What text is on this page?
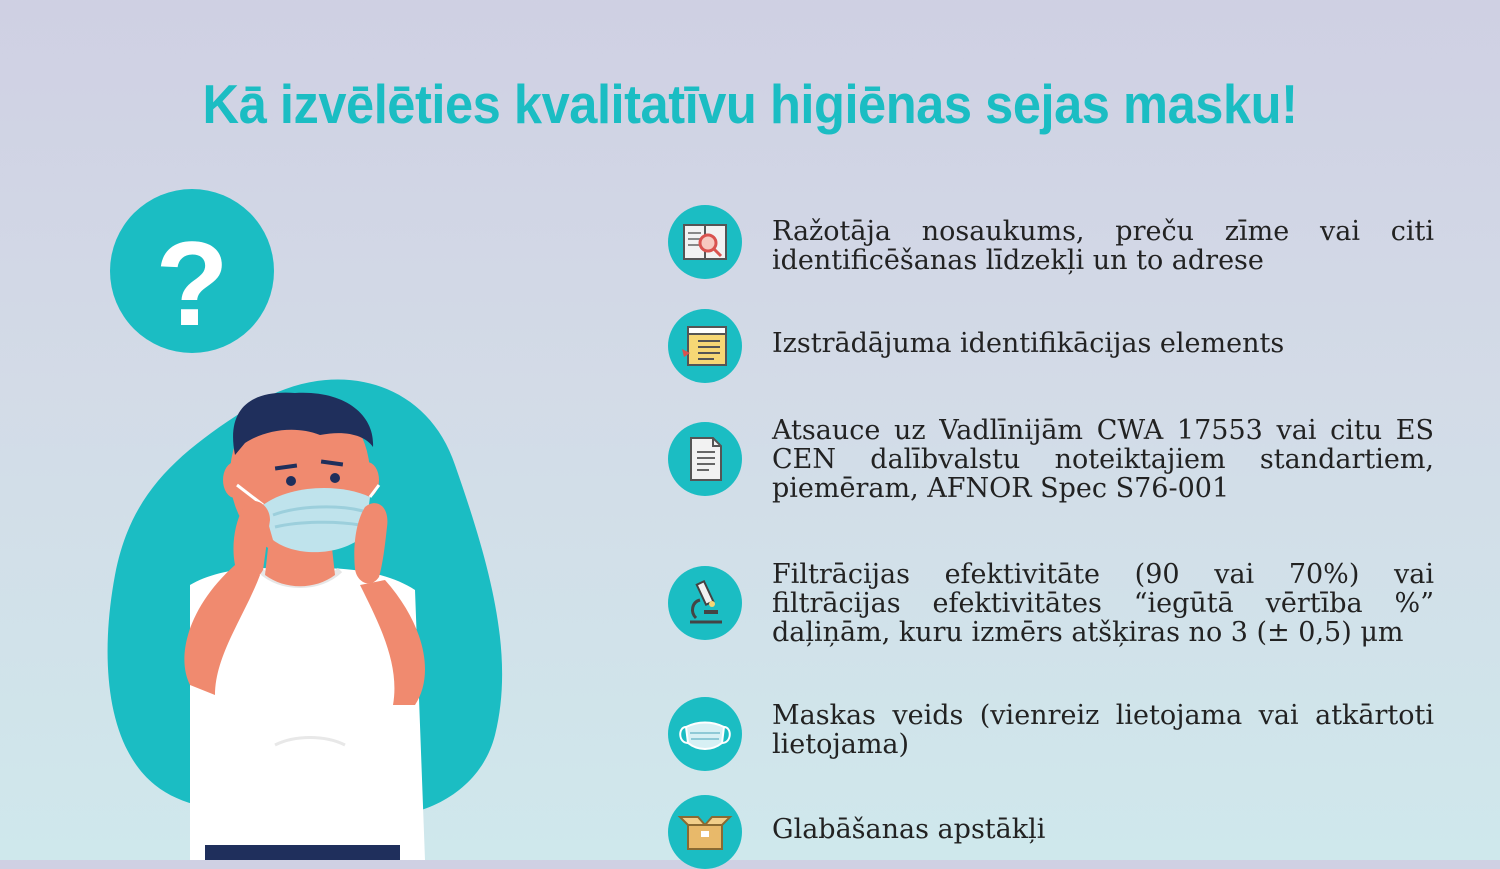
Kā izvēlēties kvalitatīvu higiēnas sejas masku!
?	Ražotāja nosaukums, preču zīme vai citi identificēšanas līdzekļi un to adrese
Izstrādājuma identifikācijas elements
Atsauce uz Vadlīnijām CWA 17553 vai citu ES CEN dalībvalstu noteiktajiem standartiem, piemēram, AFNOR Spec S76-001
Filtrācijas efektivitāte (90 vai 70%) vai filtrācijas efektivitātes “iegūtā vērtība %” daļiņām, kuru izmērs atšķiras no 3 (± 0,5) μm
Maskas veids (vienreiz lietojama vai atkārtoti lietojama)
Glabāšanas apstākļi
